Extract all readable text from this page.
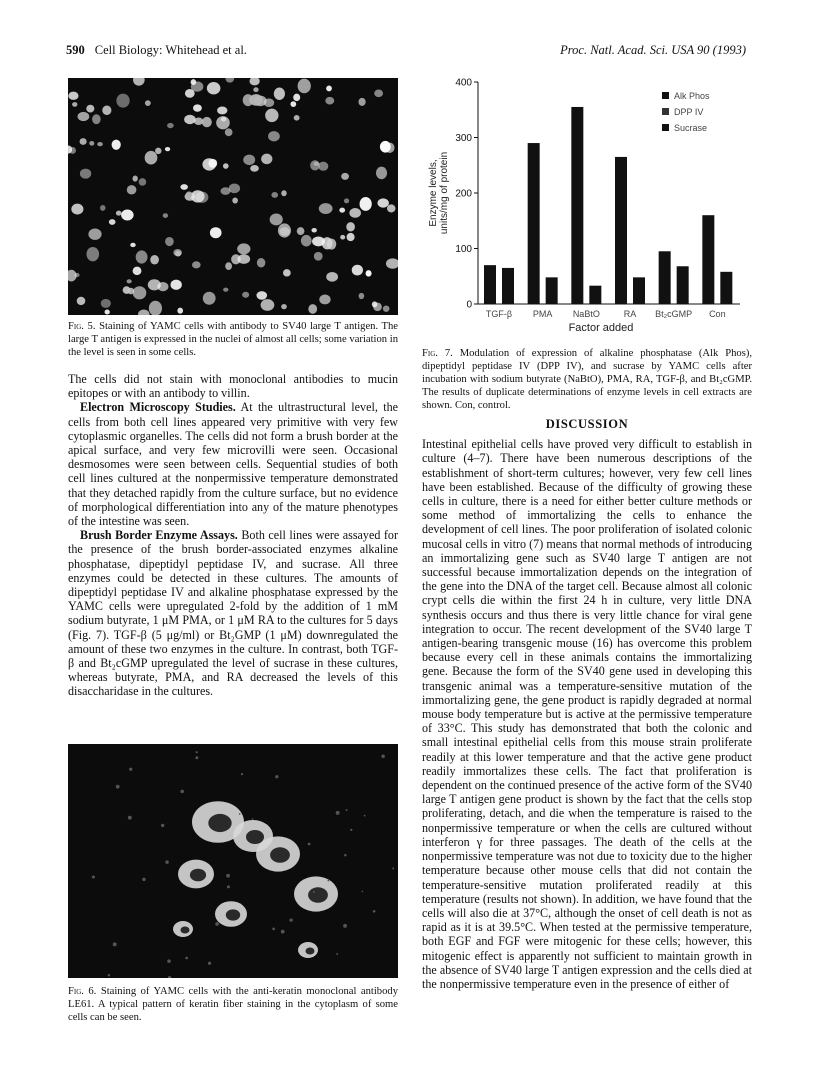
590 Cell Biology: Whitehead et al.	Proc. Natl. Acad. Sci. USA 90 (1993)
Fig. 5. Staining of YAMC cells with antibody to SV40 large T antigen. The large T antigen is expressed in the nuclei of almost all cells; some variation in the level is seen in some cells.

The cells did not stain with monoclonal antibodies to mucin epitopes or with an antibody to villin.

Electron Microscopy Studies. At the ultrastructural level, the cells from both cell lines appeared very primitive with very few cytoplasmic organelles. The cells did not form a brush border at the apical surface, and very few microvilli were seen. Occasional desmosomes were seen between cells. Sequential studies of both cell lines cultured at the nonpermissive temperature demonstrated that they detached rapidly from the culture surface, but no evidence of morphological differentiation into any of the mature phenotypes of the intestine was seen.

Brush Border Enzyme Assays. Both cell lines were assayed for the presence of the brush border-associated enzymes alkaline phosphatase, dipeptidyl peptidase IV, and sucrase. All three enzymes could be detected in these cultures. The amounts of dipeptidyl peptidase IV and alkaline phosphatase expressed by the YAMC cells were upregulated 2-fold by the addition of 1 mM sodium butyrate, 1 μM PMA, or 1 μM RA to the cultures for 5 days (Fig. 7). TGF-β (5 μg/ml) or Bt₂GMP (1 μM) downregulated the amount of these two enzymes in the culture. In contrast, both TGF-β and Bt₂cGMP upregulated the level of sucrase in these cultures, whereas butyrate, PMA, and RA decreased the levels of this disaccharidase in the cultures.

Fig. 6. Staining of YAMC cells with the anti-keratin monoclonal antibody LE61. A typical pattern of keratin fiber staining in the cytoplasm of some cells can be seen.
0
100
200
300
400
Enzyme levels, units/mg of protein
TGF-β PMA NaBtO	RA Bt₂cGMP Con
Factor added
Alk Phos
DPP IV
Sucrase
Fig. 7. Modulation of expression of alkaline phosphatase (Alk Phos), dipeptidyl peptidase IV (DPP IV), and sucrase by YAMC cells after incubation with sodium butyrate (NaBtO), PMA, RA, TGF-β, and Bt₂cGMP. The results of duplicate determinations of enzyme levels in cell extracts are shown. Con, control.
DISCUSSION

Intestinal epithelial cells have proved very difficult to establish in culture (4–7). There have been numerous descriptions of the establishment of short-term cultures; however, very few cell lines have been established. Because of the difficulty of growing these cells in culture, there is a need for either better culture methods or some method of immortalizing the cells to enhance the development of cell lines. The poor proliferation of isolated colonic mucosal cells in vitro (7) means that normal methods of introducing an immortalizing gene such as SV40 large T antigen are not successful because immortalization depends on the integration of the gene into the DNA of the target cell. Because almost all colonic crypt cells die within the first 24 h in culture, very little DNA synthesis occurs and thus there is very little chance for viral gene integration to occur. The recent development of the SV40 large T antigen-bearing transgenic mouse (16) has overcome this problem because every cell in these animals contains the immortalizing gene. Because the form of the SV40 gene used in developing this transgenic animal was a temperature-sensitive mutation of the immortalizing gene, the gene product is rapidly degraded at normal mouse body temperature but is active at the permissive temperature of 33°C. This study has demonstrated that both the colonic and small intestinal epithelial cells from this mouse strain proliferate readily at this lower temperature and that the active gene product readily immortalizes these cells. The fact that proliferation is dependent on the continued presence of the active form of the SV40 large T antigen gene product is shown by the fact that the cells stop proliferating, detach, and die when the temperature is raised to the nonpermissive temperature or when the cells are cultured without interferon γ for three passages. The death of the cells at the nonpermissive temperature was not due to toxicity due to the higher temperature because other mouse cells that did not contain the temperature-sensitive mutation proliferated readily at this temperature (results not shown). In addition, we have found that the cells will also die at 37°C, although the onset of cell death is not as rapid as it is at 39.5°C. When tested at the permissive temperature, both EGF and FGF were mitogenic for these cells; however, this mitogenic effect is apparently not sufficient to maintain growth in the absence of SV40 large T antigen expression and the cells died at the nonpermissive temperature even in the presence of either of
